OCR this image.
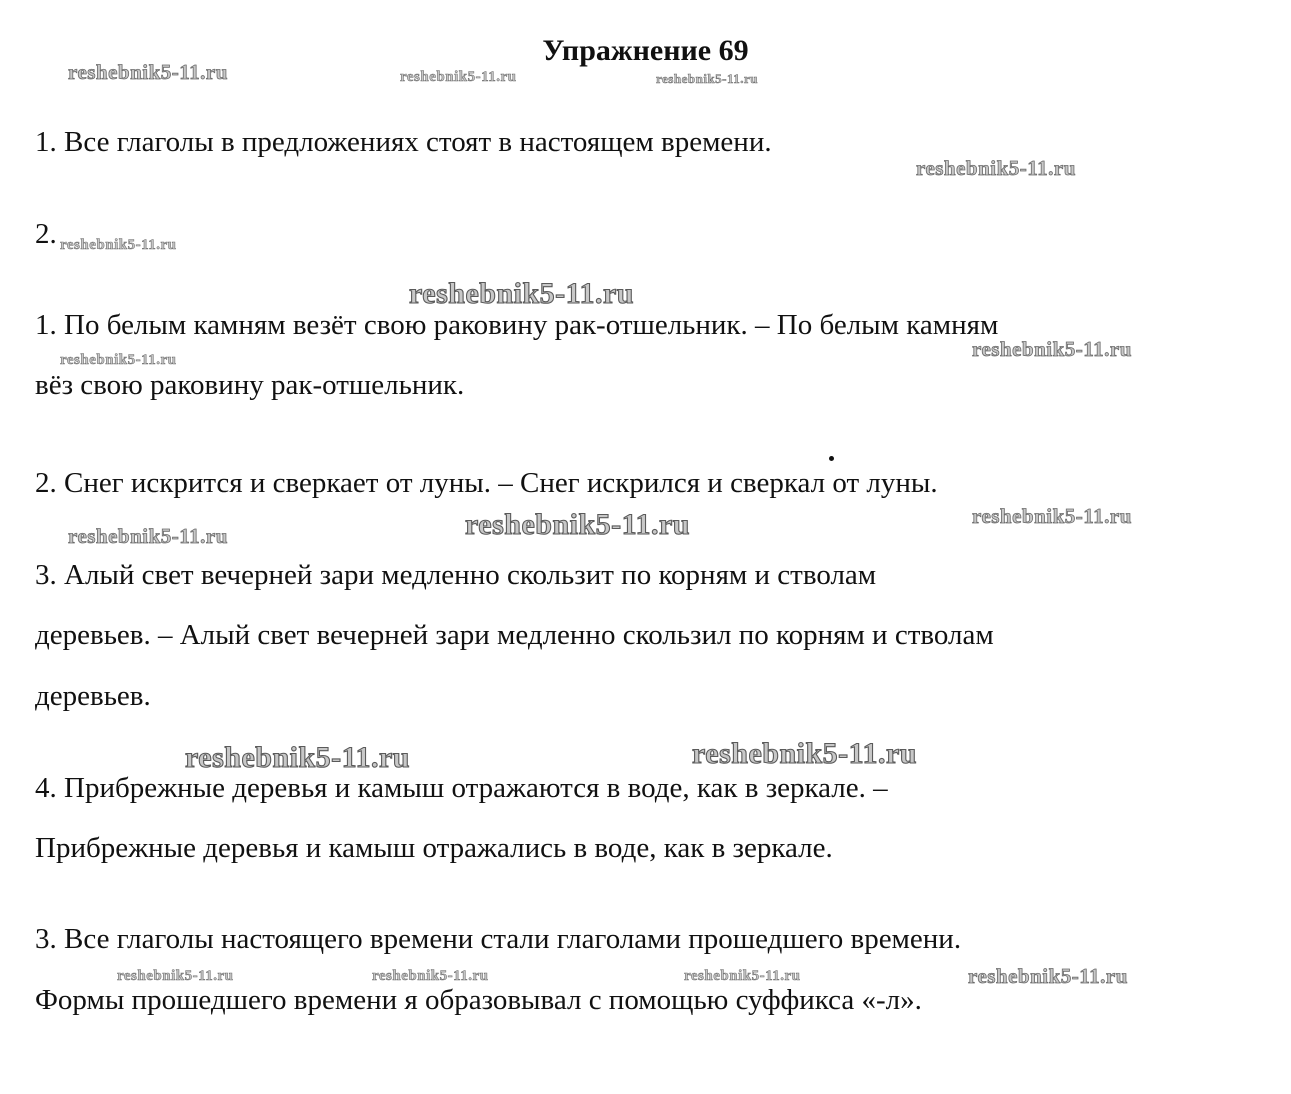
Упражнение 69
reshebnik5-11.ru	reshebnik5-11.ru	reshebnik5-11.ru
reshebnik5-11.ru
reshebnik5-11.ru
reshebnik5-11.ru
reshebnik5-11.ru	reshebnik5-11.ru
reshebnik5-11.ru	reshebnik5-11.ru	reshebnik5-11.ru
reshebnik5-11.ru	reshebnik5-11.ru
reshebnik5-11.ru	reshebnik5-11.ru	reshebnik5-11.ru	reshebnik5-11.ru
1. Все глаголы в предложениях стоят в настоящем времени.
2.
1. По белым камням везёт свою раковину рак-отшельник. – По белым камням
вёз свою раковину рак-отшельник.
2. Снег искрится и сверкает от луны. – Снег искрился и сверкал от луны.
3. Алый свет вечерней зари медленно скользит по корням и стволам
деревьев. – Алый свет вечерней зари медленно скользил по корням и стволам
деревьев.
4. Прибрежные деревья и камыш отражаются в воде, как в зеркале. –
Прибрежные деревья и камыш отражались в воде, как в зеркале.
3. Все глаголы настоящего времени стали глаголами прошедшего времени.
Формы прошедшего времени я образовывал с помощью суффикса «-л».
